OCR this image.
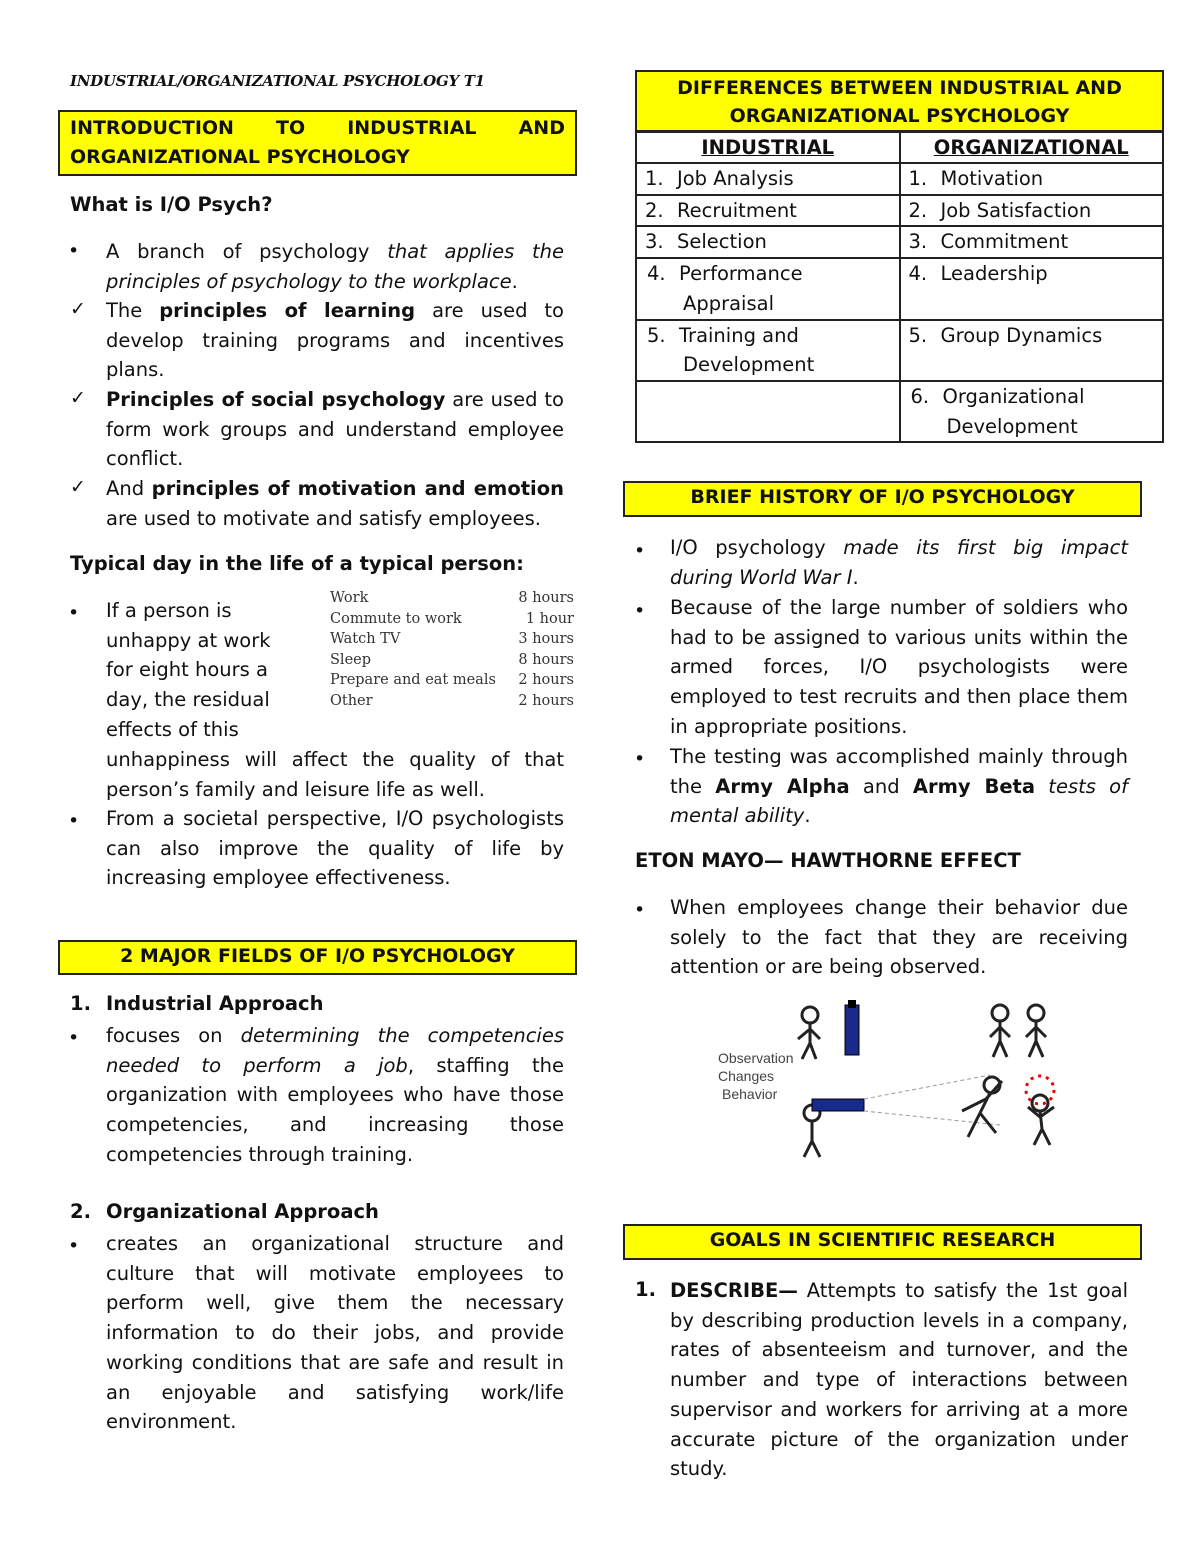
INDUSTRIAL/ORGANIZATIONAL PSYCHOLOGY T1
INTRODUCTION TO INDUSTRIAL AND
ORGANIZATIONAL PSYCHOLOGY
What is I/O Psych?
• A branch of psychology that applies the principles of psychology to the workplace.
✓ The principles of learning are used to develop training programs and incentives plans.
✓ Principles of social psychology are used to form work groups and understand employee conflict.
✓ And principles of motivation and emotion are used to motivate and satisfy employees.
Typical day in the life of a typical person:
• If a person is
unhappy at work
for eight hours a
day, the residual
effects of this
unhappiness will affect the quality of that person’s family and leisure life as well.
Work	8 hours
Commute to work	1 hour
Watch TV	3 hours
Sleep	8 hours
Prepare and eat meals 2 hours
Other	2 hours
• From a societal perspective, I/O psychologists can also improve the quality of life by increasing employee effectiveness.
2 MAJOR FIELDS OF I/O PSYCHOLOGY
1. Industrial Approach
• focuses on determining the competencies needed to perform a job, staffing the organization with employees who have those competencies, and increasing those competencies through training.
2. Organizational Approach
• creates an organizational structure and culture that will motivate employees to perform well, give them the necessary information to do their jobs, and provide working conditions that are safe and result in an enjoyable and satisfying work/life environment.
DIFFERENCES BETWEEN INDUSTRIAL AND
ORGANIZATIONAL PSYCHOLOGY
INDUSTRIAL	ORGANIZATIONAL
1. Job Analysis	1. Motivation
2. Recruitment	2. Job Satisfaction
3. Selection	3. Commitment
4. Performance Appraisal	4. Leadership
5. Training and Development	5. Group Dynamics
	6. Organizational Development
BRIEF HISTORY OF I/O PSYCHOLOGY
• I/O psychology made its first big impact during World War I.
• Because of the large number of soldiers who had to be assigned to various units within the armed forces, I/O psychologists were employed to test recruits and then place them in appropriate positions.
• The testing was accomplished mainly through the Army Alpha and Army Beta tests of mental ability.
ETON MAYO— HAWTHORNE EFFECT
• When employees change their behavior due solely to the fact that they are receiving attention or are being observed.
Observation
Changes
Behavior
GOALS IN SCIENTIFIC RESEARCH
1. DESCRIBE— Attempts to satisfy the 1st goal by describing production levels in a company, rates of absenteeism and turnover, and the number and type of interactions between supervisor and workers for arriving at a more accurate picture of the organization under study.
